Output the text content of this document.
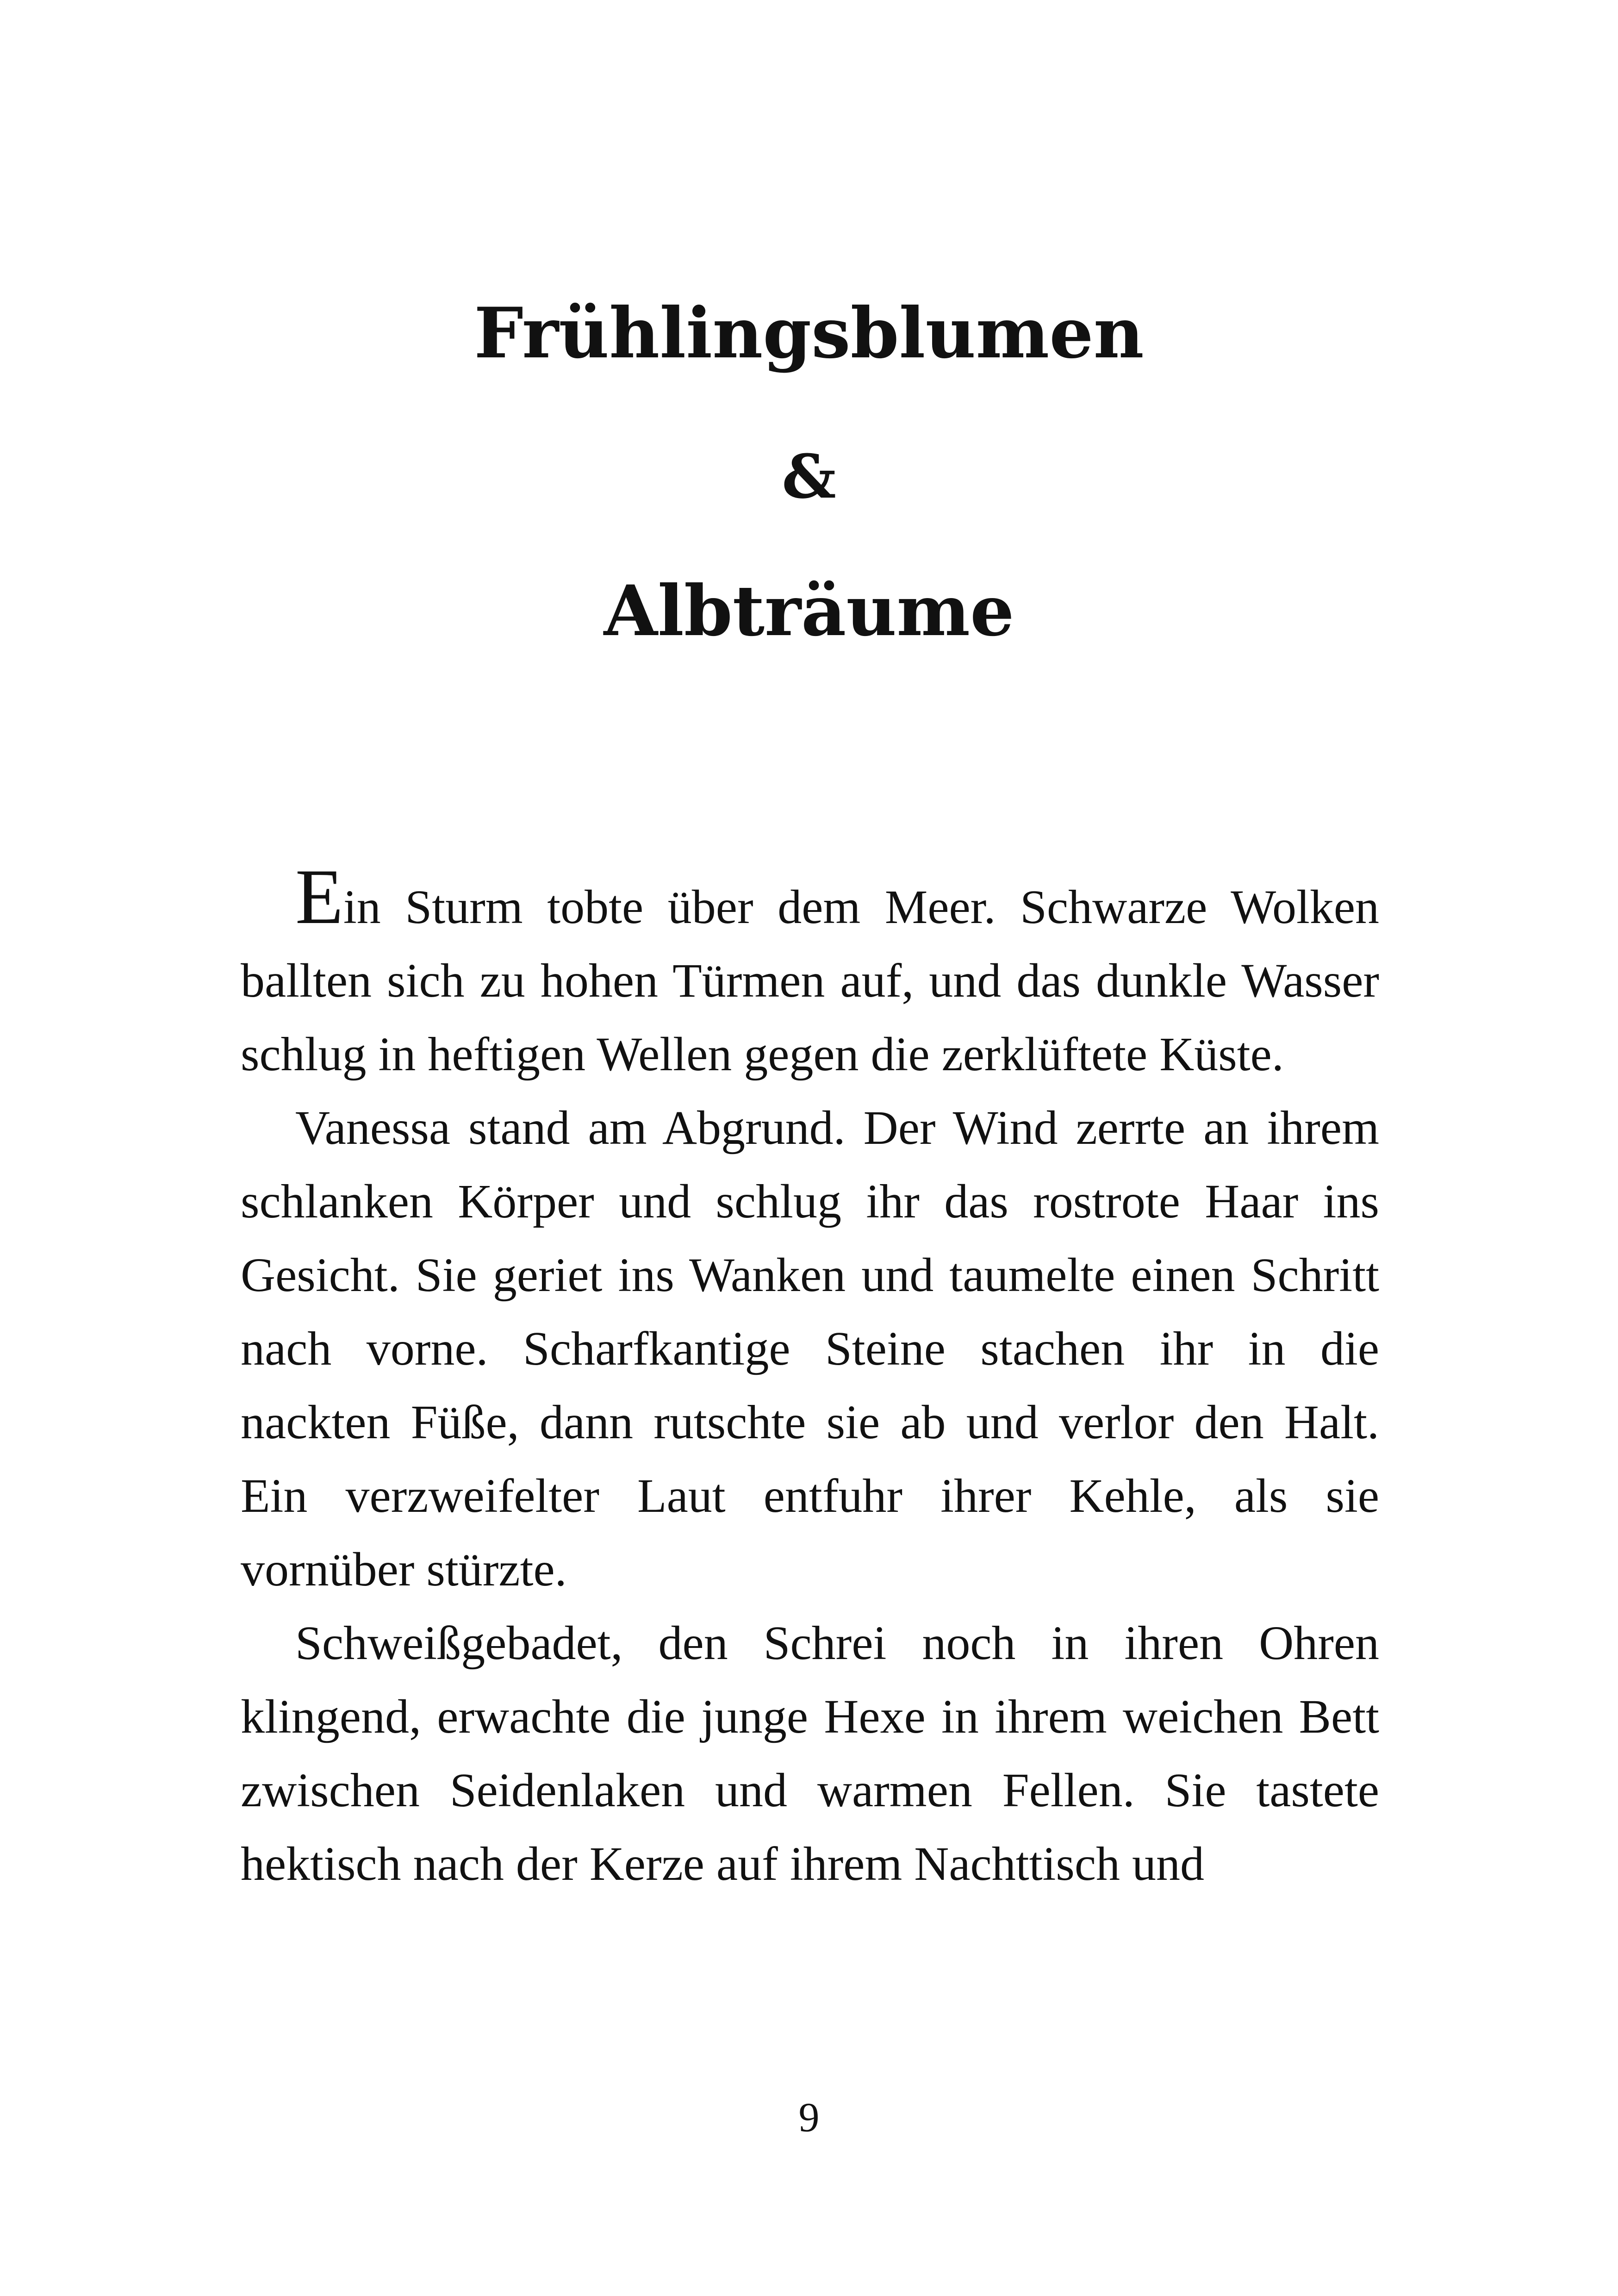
Frühlingsblumen
&
Albträume

Ein Sturm tobte über dem Meer. Schwarze Wolken ballten sich zu hohen Türmen auf, und das dunkle Wasser schlug in heftigen Wellen gegen die zerklüftete Küste.

Vanessa stand am Abgrund. Der Wind zerrte an ihrem schlanken Körper und schlug ihr das rostrote Haar ins Gesicht. Sie geriet ins Wanken und taumelte einen Schritt nach vorne. Scharfkantige Steine stachen ihr in die nackten Füße, dann rutschte sie ab und verlor den Halt. Ein verzweifelter Laut entfuhr ihrer Kehle, als sie vornüber stürzte.

Schweißgebadet, den Schrei noch in ihren Ohren klingend, erwachte die junge Hexe in ihrem weichen Bett zwischen Seidenlaken und warmen Fellen. Sie tastete hektisch nach der Kerze auf ihrem Nachttisch und

9
